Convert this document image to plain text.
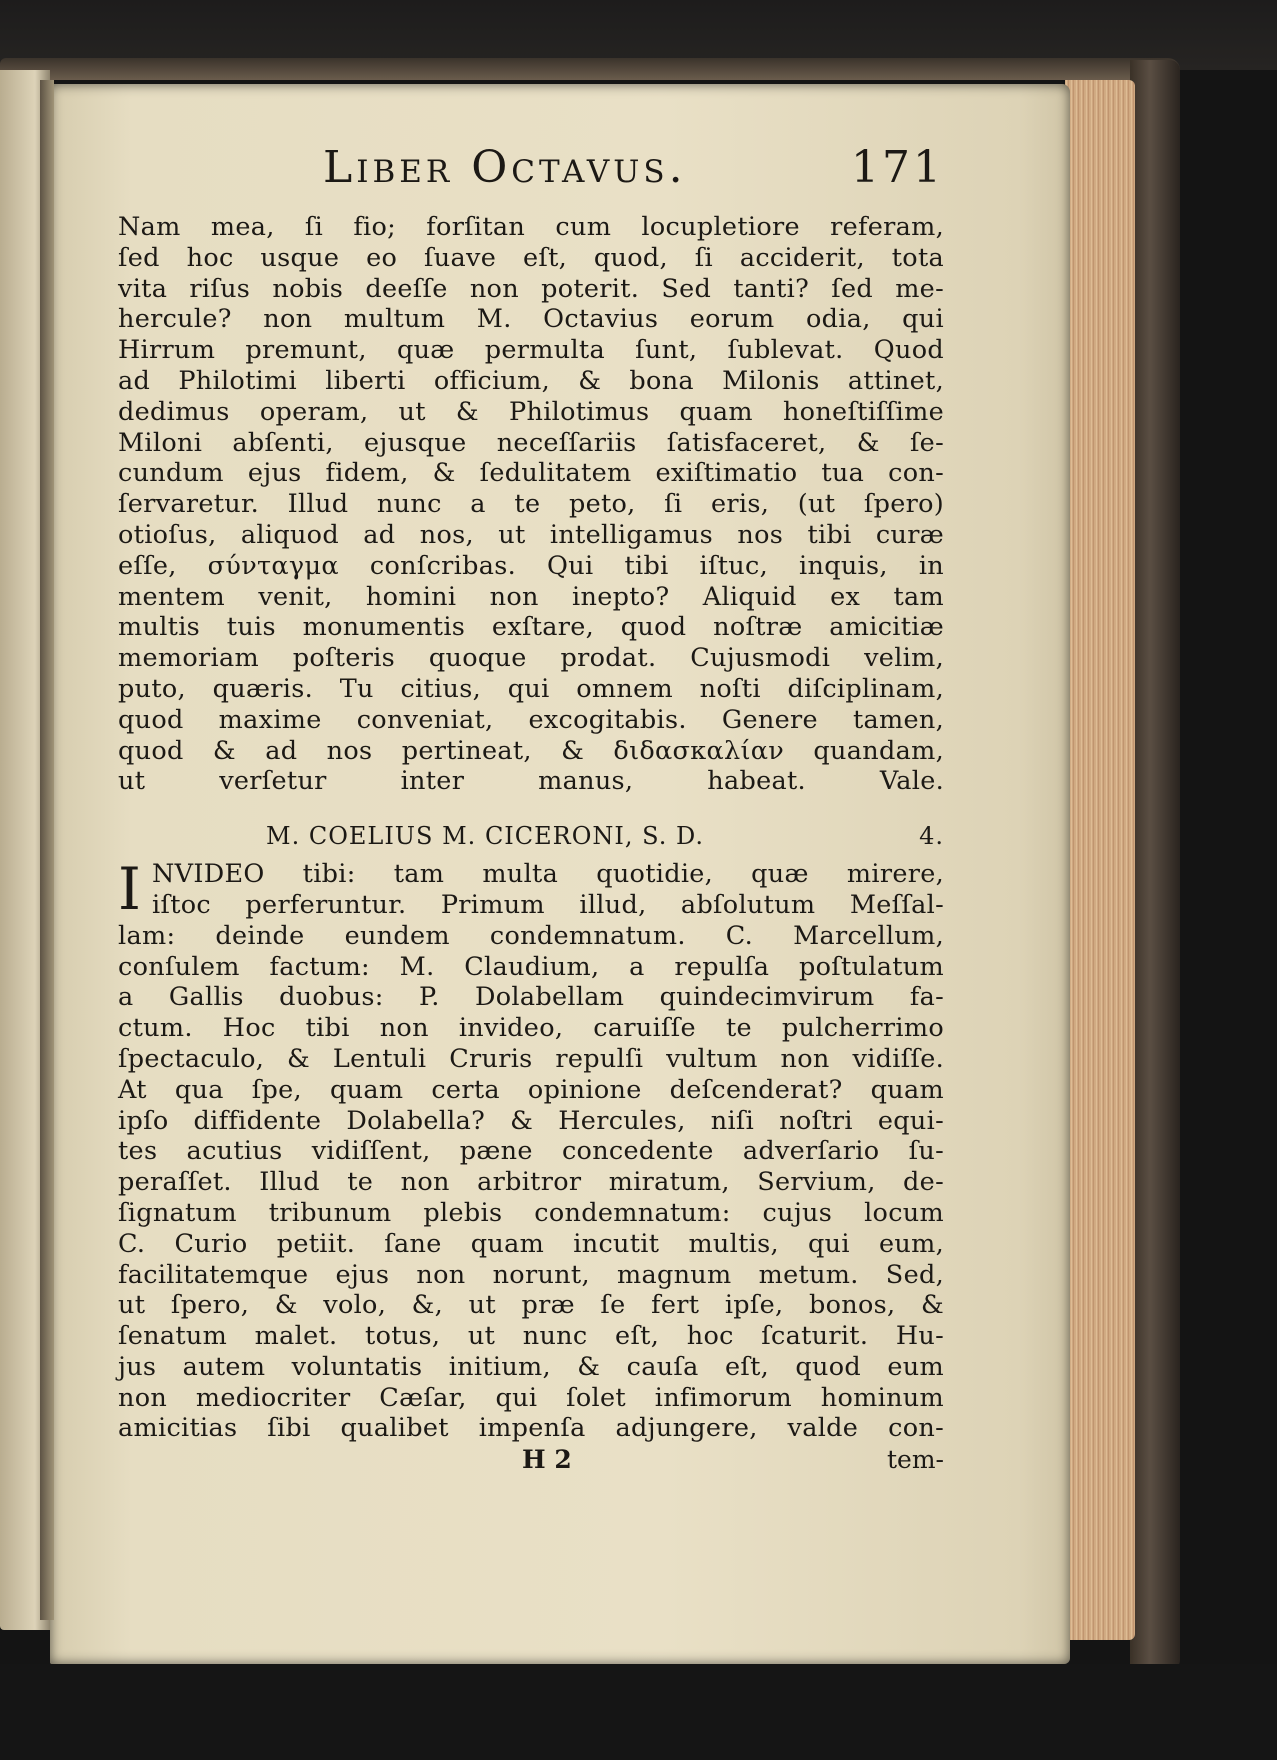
Liber Octavus.	171
Nam mea, ſi fio; forſitan cum locupletiore referam,
ſed hoc usque eo ſuave eſt, quod, ſi acciderit, tota
vita riſus nobis deeſſe non poterit. Sed tanti? ſed me-
hercule? non multum M. Octavius eorum odia, qui
Hirrum premunt, quæ permulta ſunt, ſublevat. Quod
ad Philotimi liberti officium, & bona Milonis attinet,
dedimus operam, ut & Philotimus quam honeſtiſſime
Miloni abſenti, ejusque neceſſariis ſatisfaceret, & ſe-
cundum ejus fidem, & ſedulitatem exiſtimatio tua con-
ſervaretur. Illud nunc a te peto, ſi eris, (ut ſpero)
otioſus, aliquod ad nos, ut intelligamus nos tibi curæ
eſſe, σύνταγμα conſcribas. Qui tibi iſtuc, inquis, in
mentem venit, homini non inepto? Aliquid ex tam
multis tuis monumentis exſtare, quod noſtræ amicitiæ
memoriam poſteris quoque prodat. Cujusmodi velim,
puto, quæris. Tu citius, qui omnem noſti diſciplinam,
quod maxime conveniat, excogitabis. Genere tamen,
quod & ad nos pertineat, & διδασκαλίαν quandam,
ut verſetur inter manus, habeat. Vale.
M. COELIUS M. CICERONI, S. D.	4.
I NVIDEO tibi: tam multa quotidie, quæ mirere,
iſtoc perferuntur. Primum illud, abſolutum Meſſal-
lam: deinde eundem condemnatum. C. Marcellum,
conſulem factum: M. Claudium, a repulſa poſtulatum
a Gallis duobus: P. Dolabellam quindecimvirum fa-
ctum. Hoc tibi non invideo, caruiſſe te pulcherrimo
ſpectaculo, & Lentuli Cruris repulſi vultum non vidiſſe.
At qua ſpe, quam certa opinione deſcenderat? quam
ipſo diffidente Dolabella? & Hercules, niſi noſtri equi-
tes acutius vidiſſent, pæne concedente adverſario ſu-
peraſſet. Illud te non arbitror miratum, Servium, de-
ſignatum tribunum plebis condemnatum: cujus locum
C. Curio petiit. ſane quam incutit multis, qui eum,
facilitatemque ejus non norunt, magnum metum. Sed,
ut ſpero, & volo, &, ut præ ſe fert ipſe, bonos, &
ſenatum malet. totus, ut nunc eſt, hoc ſcaturit. Hu-
jus autem voluntatis initium, & cauſa eſt, quod eum
non mediocriter Cæſar, qui ſolet infimorum hominum
amicitias ſibi qualibet impenſa adjungere, valde con-
H 2	tem-
